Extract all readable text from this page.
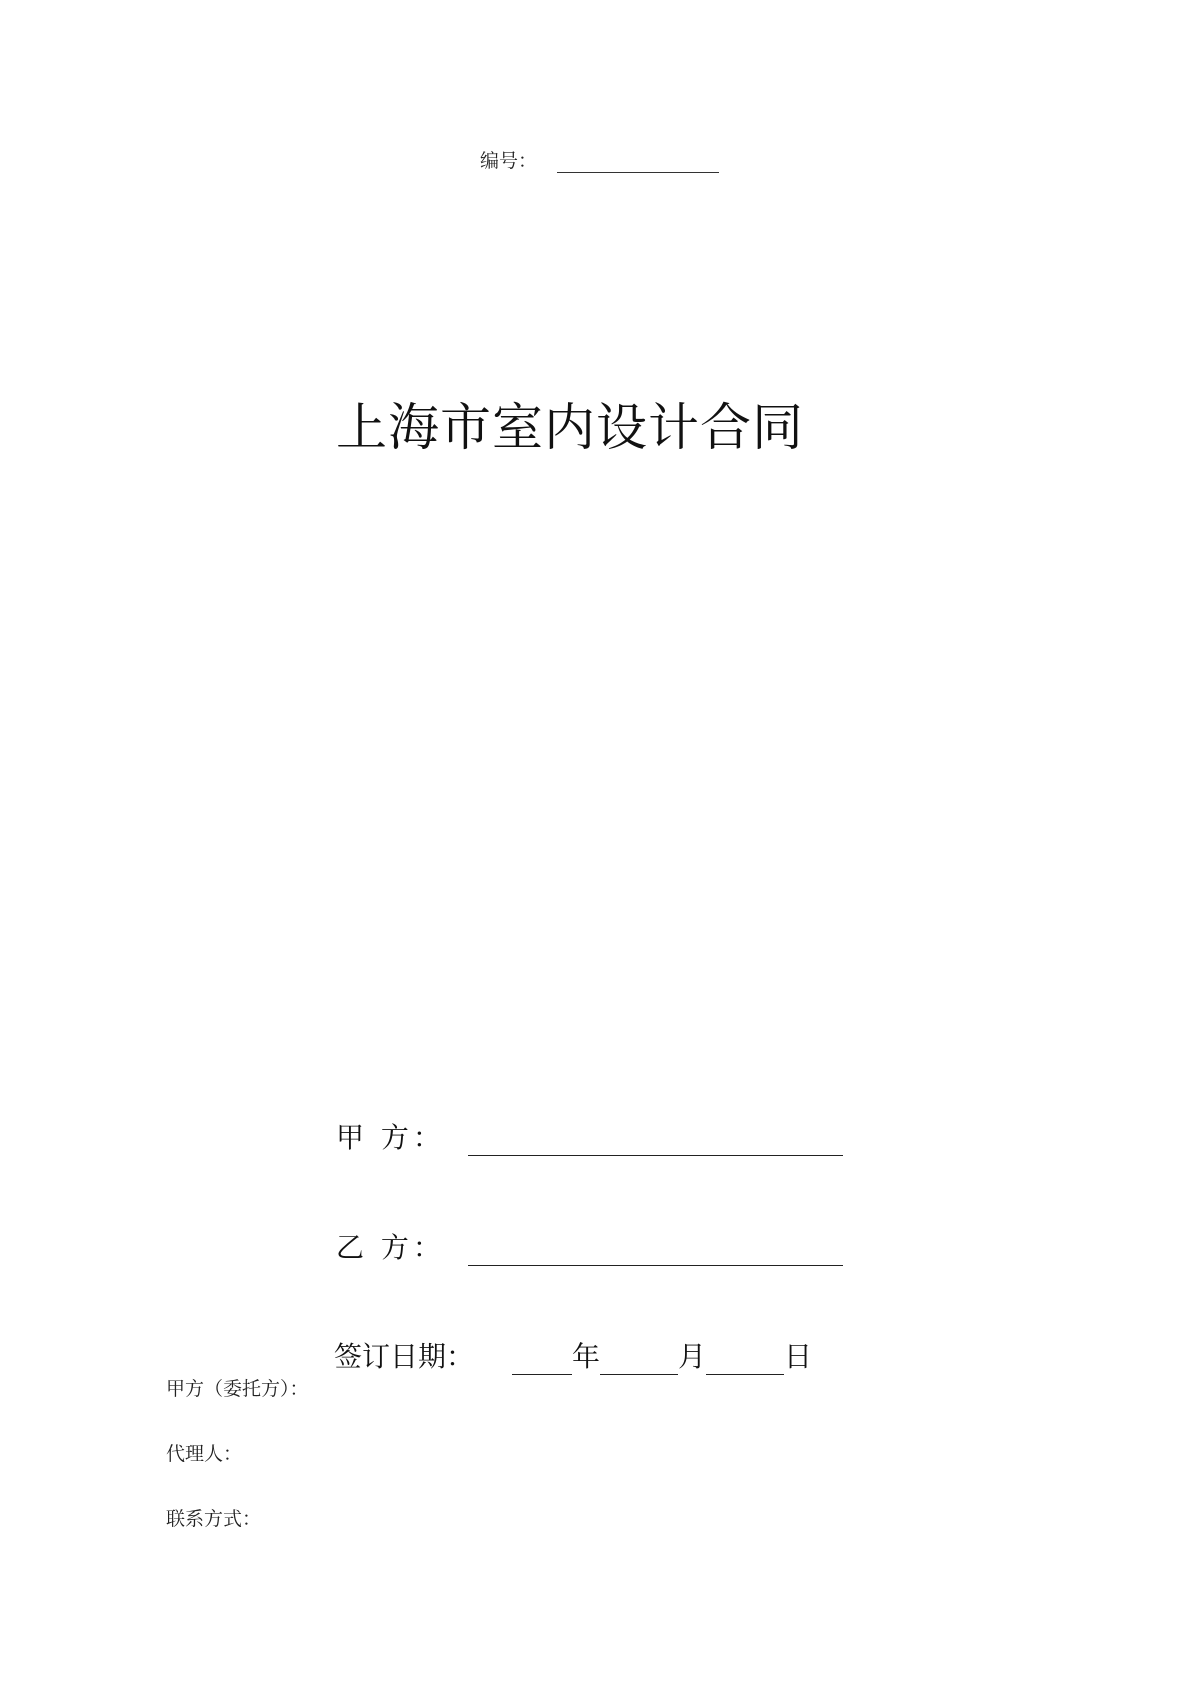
编号：
上海市室内设计合同
甲 方：
乙 方：
签订日期：	年	月	日
甲方（委托方）：
代理人：
联系方式：
